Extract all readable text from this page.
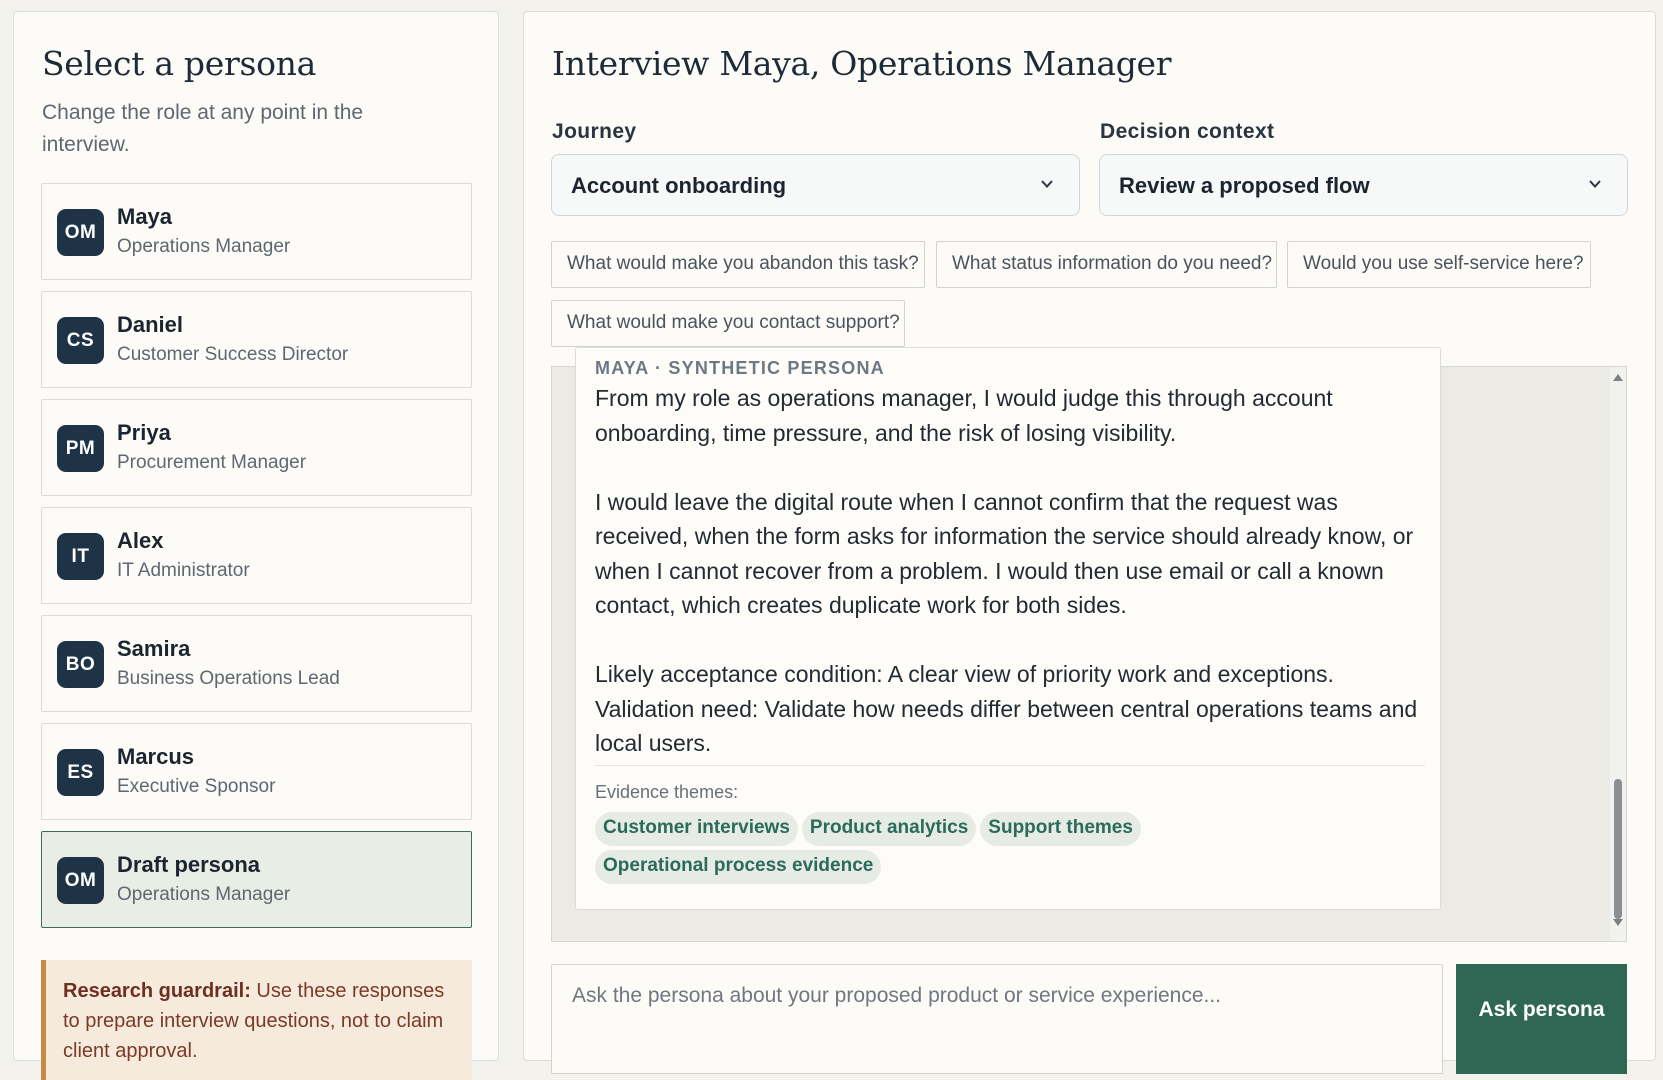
Select a persona

Change the role at any point in the interview.

OM
Maya
Operations Manager
CS
Daniel
Customer Success Director
PM
Priya
Procurement Manager
IT
Alex
IT Administrator
BO
Samira
Business Operations Lead
ES
Marcus
Executive Sponsor
OM
Draft persona
Operations Manager
Research guardrail: Use these responses to prepare interview questions, not to claim client approval.
Interview Maya, Operations Manager
Journey
Account onboarding
Decision context
Review a proposed flow
What would make you abandon this task?	What status information do you need?	Would you use self-service here?
What would make you contact support?
MAYA · SYNTHETIC PERSONA

From my role as operations manager, I would judge this through account onboarding, time pressure, and the risk of losing visibility.

I would leave the digital route when I cannot confirm that the request was received, when the form asks for information the service should already know, or when I cannot recover from a problem. I would then use email or call a known contact, which creates duplicate work for both sides.

Likely acceptance condition: A clear view of priority work and exceptions. Validation need: Validate how needs differ between central operations teams and local users.

Evidence themes:
Customer interviews Product analytics Support themes
Operational process evidence
Ask the persona about your proposed product or service experience...
Ask persona
